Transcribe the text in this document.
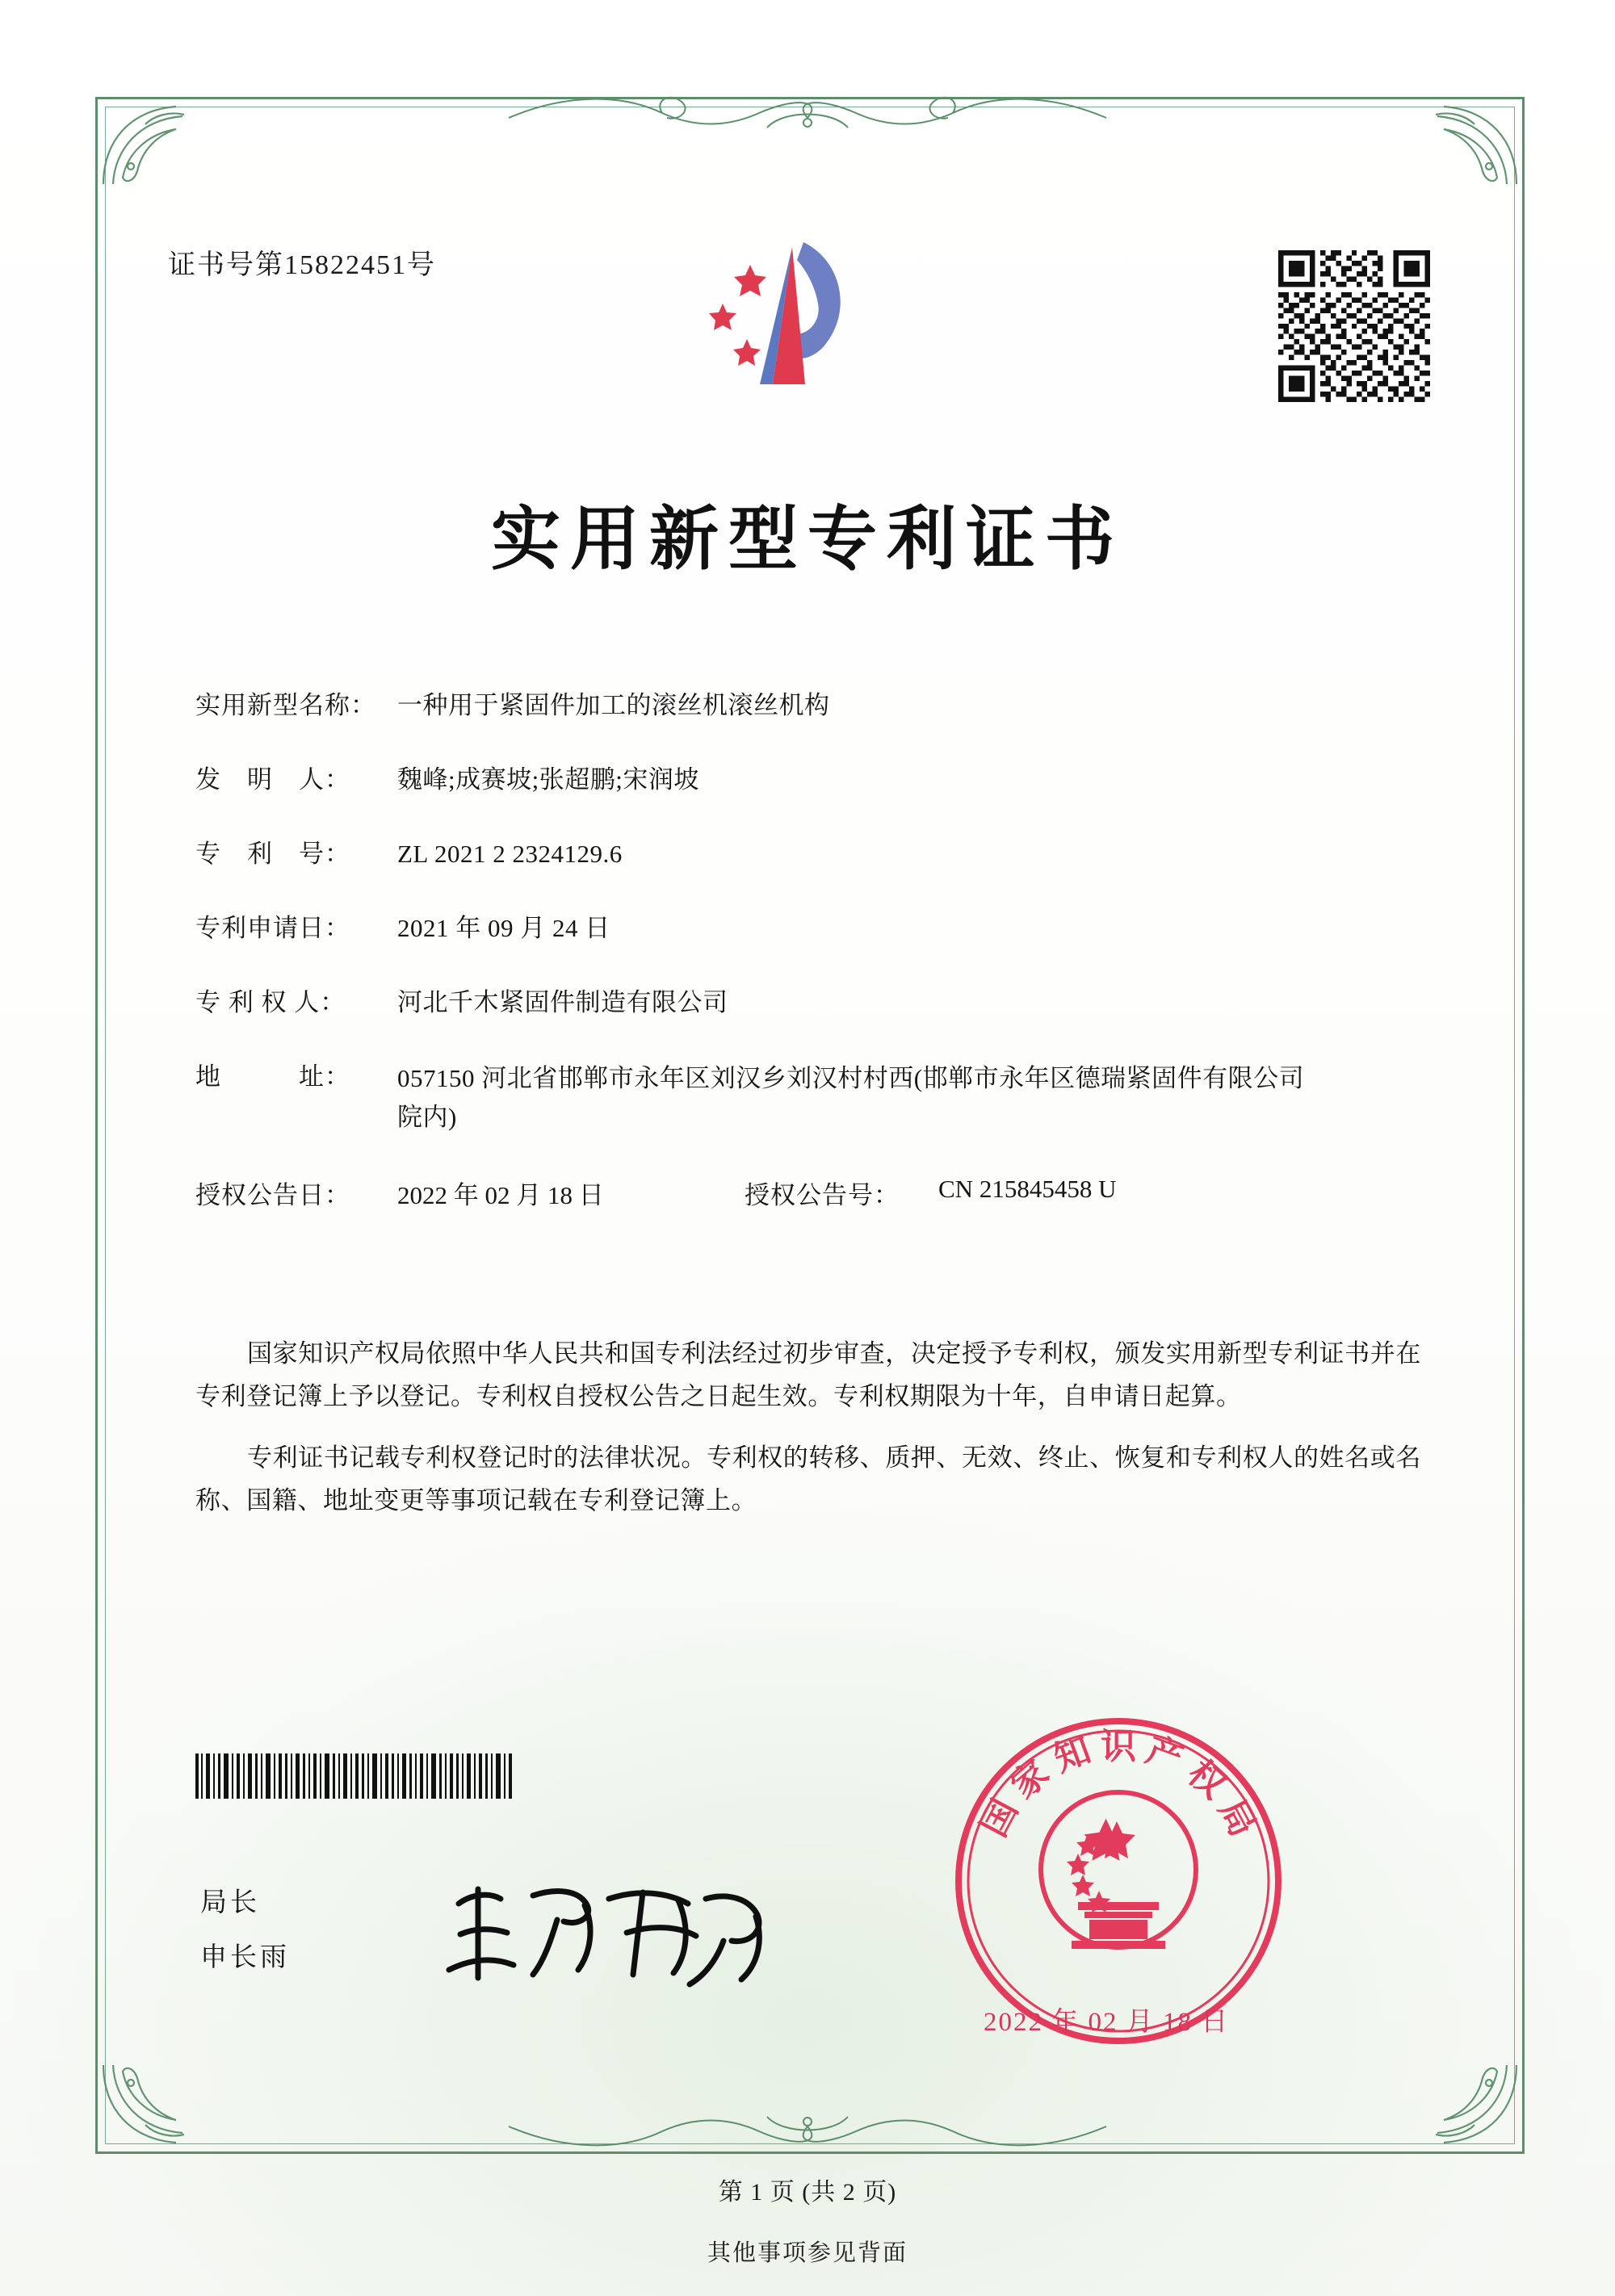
证书号第15822451号
实用新型专利证书
实用新型名称： 一种用于紧固件加工的滚丝机滚丝机构
发　明　人：	魏峰;成赛坡;张超鹏;宋润坡
专　利　号：	ZL 2021 2 2324129.6
专利申请日：	2021 年 09 月 24 日
专 利 权 人：	河北千木紧固件制造有限公司
地　　　址：	057150 河北省邯郸市永年区刘汉乡刘汉村村西(邯郸市永年区德瑞紧固件有限公司院内)
授权公告日：	2022 年 02 月 18 日	授权公告号：	CN 215845458 U

国家知识产权局依照中华人民共和国专利法经过初步审查，决定授予专利权，颁发实用新型专利证书并在专利登记簿上予以登记。专利权自授权公告之日起生效。专利权期限为十年，自申请日起算。

专利证书记载专利权登记时的法律状况。专利权的转移、质押、无效、终止、恢复和专利权人的姓名或名称、国籍、地址变更等事项记载在专利登记簿上。

国
家
知 识 产
权
局
2022 年 02 月 18 日
局长
申长雨
第 1 页 (共 2 页)
其他事项参见背面
